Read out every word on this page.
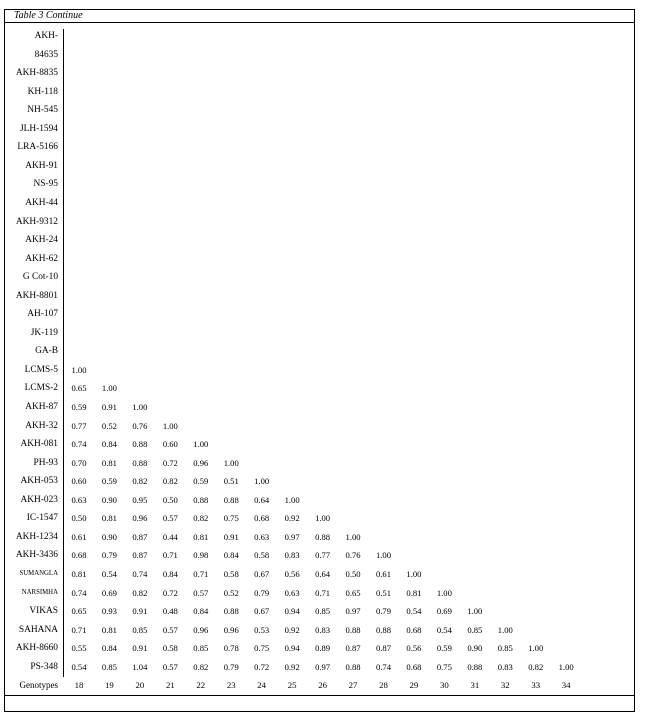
Table 3 Continue
AKH-
84635
AKH-8835
KH-118
NH-545
JLH-1594
LRA-5166
AKH-91
NS-95
AKH-44
AKH-9312
AKH-24
AKH-62
G Cot-10
AKH-8801
AH-107
JK-119
GA-B
LCMS-5	1.00
LCMS-2	0.65	1.00
AKH-87	0.59	0.91	1.00
AKH-32	0.77	0.52	0.76	1.00
AKH-081	0.74	0.84	0.88	0.60	1.00
PH-93	0.70	0.81	0.88	0.72	0.96	1.00
AKH-053	0.60	0.59	0.82	0.82	0.59	0.51	1.00
AKH-023	0.63	0.90	0.95	0.50	0.88	0.88	0.64	1.00
IC-1547	0.50	0.81	0.96	0.57	0.82	0.75	0.68	0.92	1.00
AKH-1234	0.61	0.90	0.87	0.44	0.81	0.91	0.63	0.97	0.88	1.00
AKH-3436	0.68	0.79	0.87	0.71	0.98	0.84	0.58	0.83	0.77	0.76	1.00
SUMANGLA	0.81	0.54	0.74	0.84	0.71	0.58	0.67	0.56	0.64	0.50	0.61	1.00
NARSIMHA	0.74	0.69	0.82	0.72	0.57	0.52	0.79	0.63	0.71	0.65	0.51	0.81	1.00
VIKAS	0.65	0.93	0.91	0.48	0.84	0.88	0.67	0.94	0.85	0.97	0.79	0.54	0.69	1.00
SAHANA	0.71	0.81	0.85	0.57	0.96	0.96	0.53	0.92	0.83	0.88	0.88	0.68	0.54	0.85	1.00
AKH-8660	0.55	0.84	0.91	0.58	0.85	0.78	0.75	0.94	0.89	0.87	0.87	0.56	0.59	0.90	0.85	1.00
PS-348	0.54	0.85	1.04	0.57	0.82	0.79	0.72	0.92	0.97	0.88	0.74	0.68	0.75	0.88	0.83	0.82	1.00
Genotypes	18	19	20	21	22	23	24	25	26	27	28	29	30	31	32	33	34
